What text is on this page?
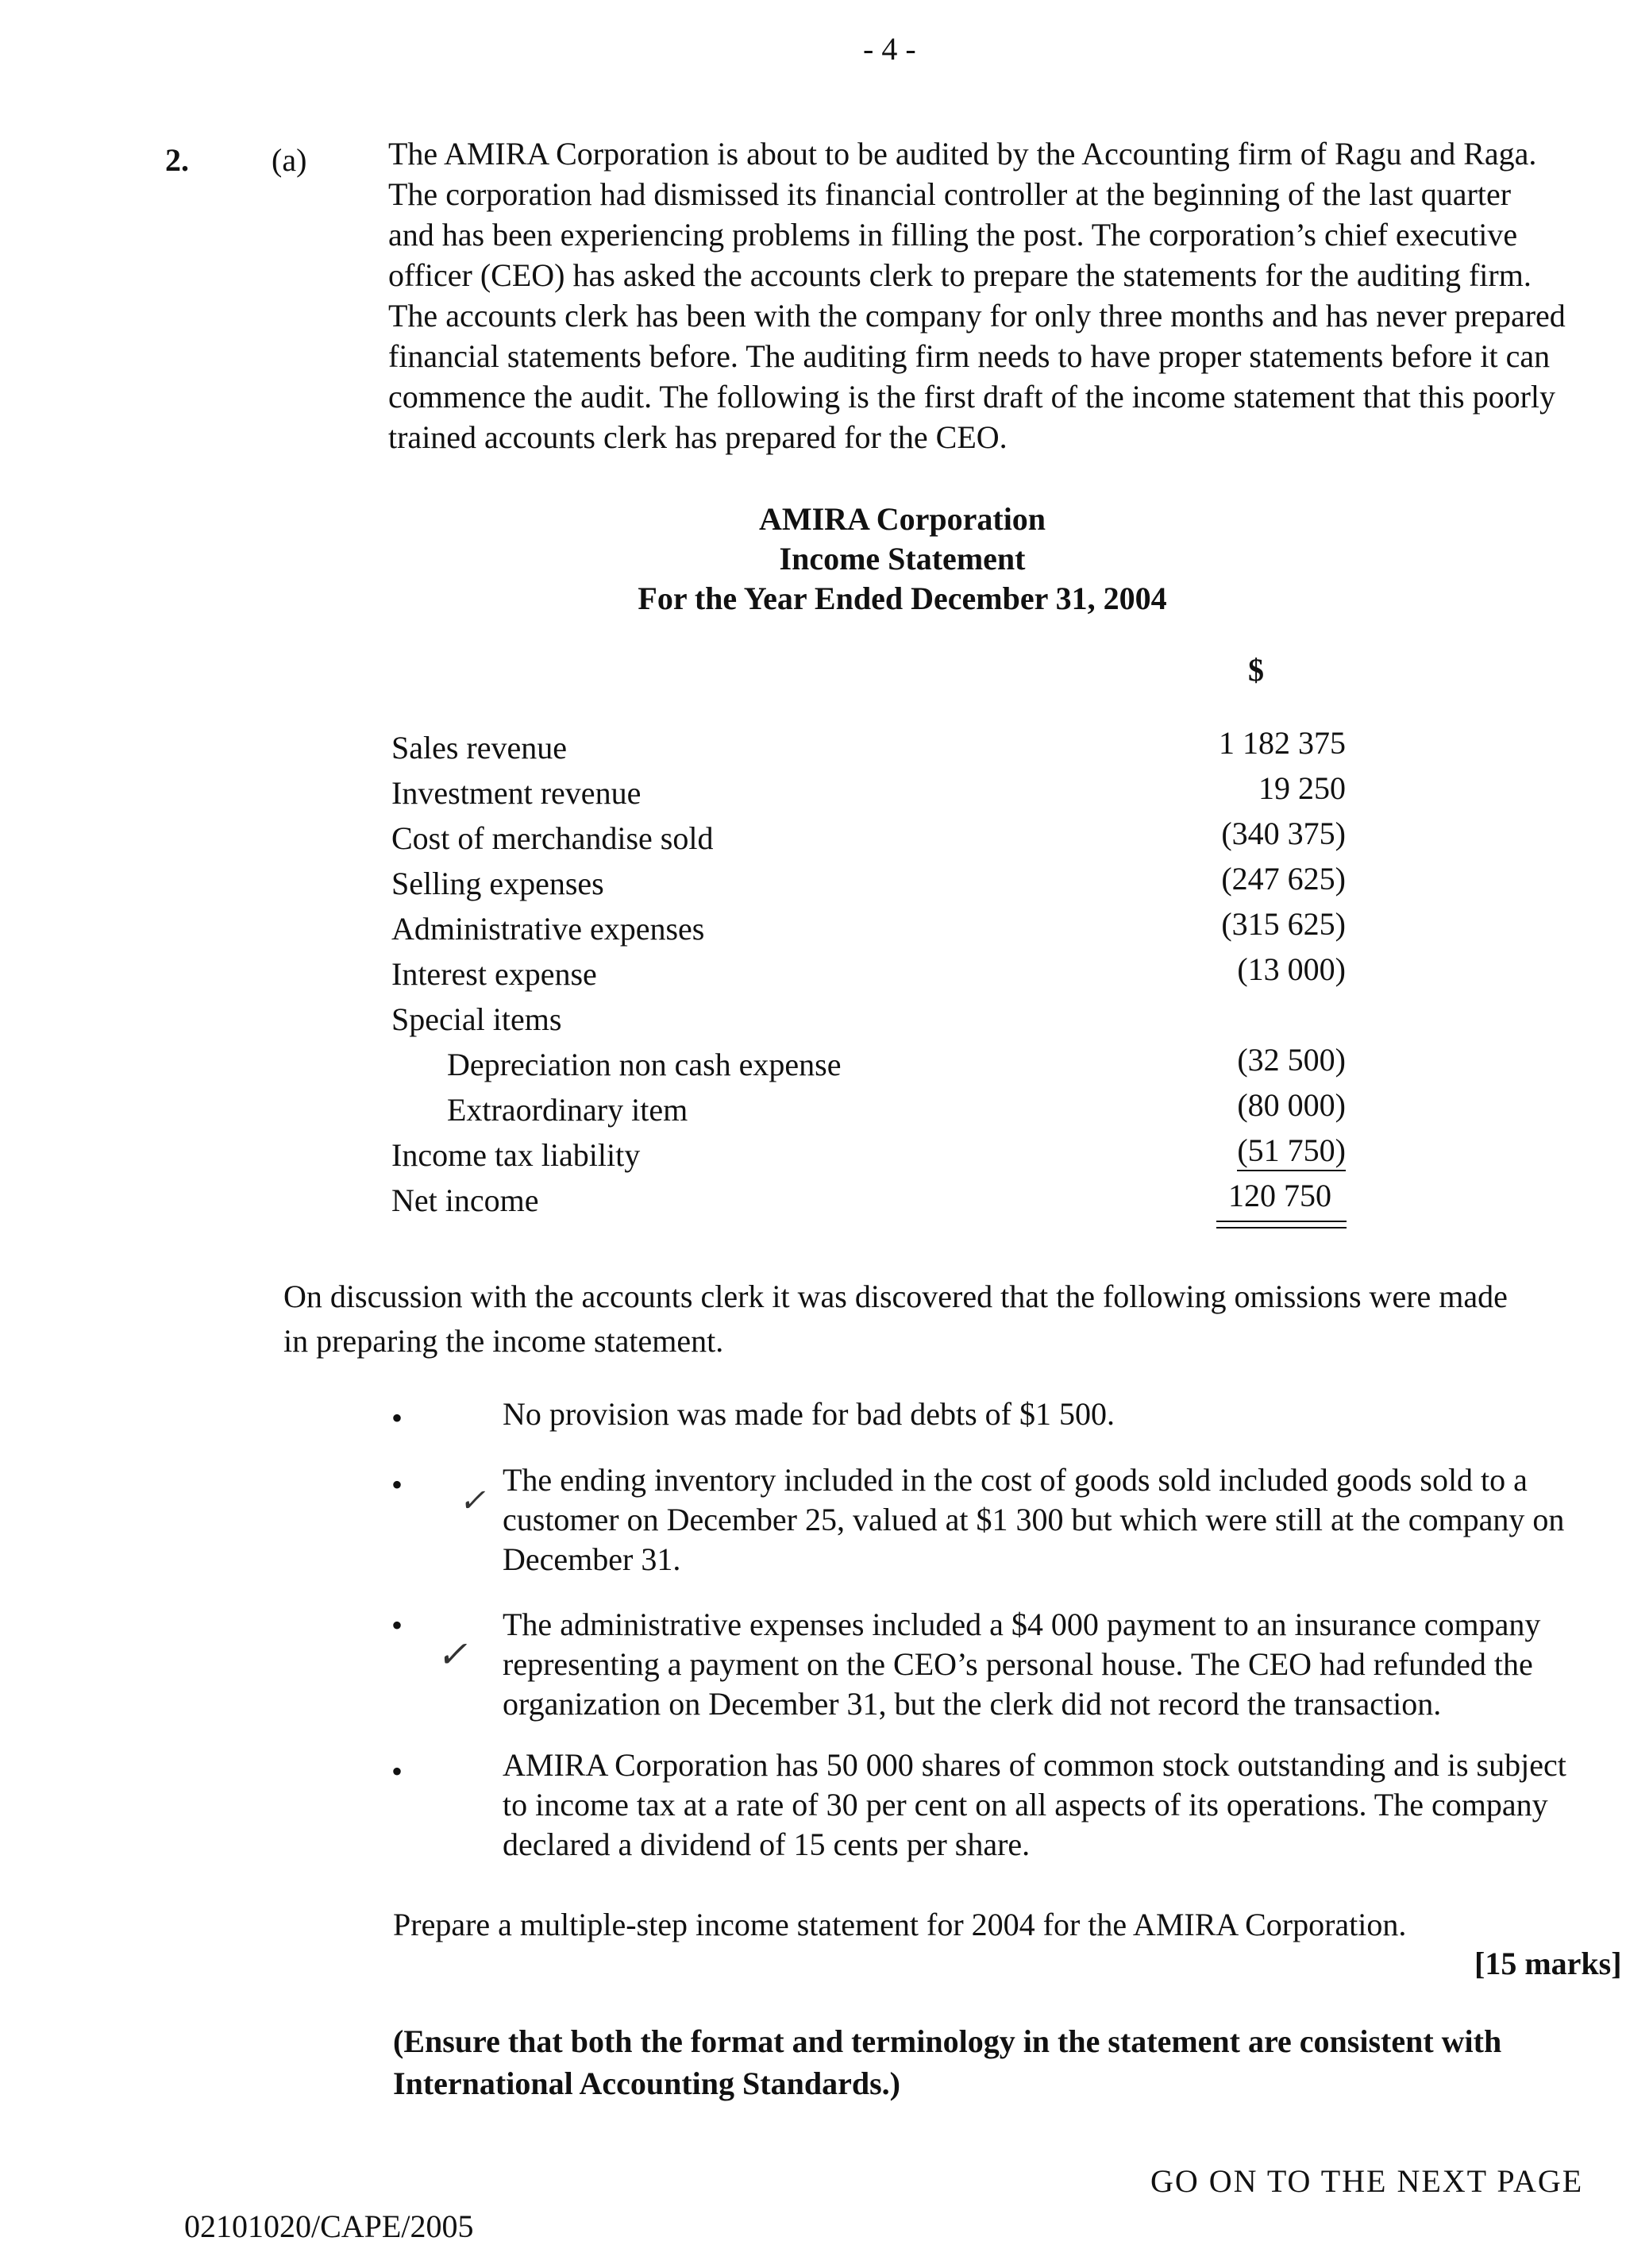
- 4 -
2.	(a)	The AMIRA Corporation is about to be audited by the Accounting firm of Ragu and Raga.
The corporation had dismissed its financial controller at the beginning of the last quarter
and has been experiencing problems in filling the post. The corporation’s chief executive
officer (CEO) has asked the accounts clerk to prepare the statements for the auditing firm.
The accounts clerk has been with the company for only three months and has never prepared
financial statements before. The auditing firm needs to have proper statements before it can
commence the audit. The following is the first draft of the income statement that this poorly
trained accounts clerk has prepared for the CEO.
AMIRA Corporation
Income Statement
For the Year Ended December 31, 2004
$
Sales revenue	1 182 375
Investment revenue	19 250
Cost of merchandise sold	(340 375)
Selling expenses	(247 625)
Administrative expenses	(315 625)
Interest expense	(13 000)
Special items
Depreciation non cash expense	(32 500)
Extraordinary item	(80 000)
Income tax liability	(51 750)
Net income	120 750
On discussion with the accounts clerk it was discovered that the following omissions were made
in preparing the income statement.
•	No provision was made for bad debts of $1 500.
• ✓
The ending inventory included in the cost of goods sold included goods sold to a
customer on December 25, valued at $1 300 but which were still at the company on
December 31.
•
✓
The administrative expenses included a $4 000 payment to an insurance company
representing a payment on the CEO’s personal house. The CEO had refunded the
organization on December 31, but the clerk did not record the transaction.
•	AMIRA Corporation has 50 000 shares of common stock outstanding and is subject
to income tax at a rate of 30 per cent on all aspects of its operations. The company
declared a dividend of 15 cents per share.
Prepare a multiple-step income statement for 2004 for the AMIRA Corporation.
[15 marks]
(Ensure that both the format and terminology in the statement are consistent with
International Accounting Standards.)
GO ON TO THE NEXT PAGE
02101020/CAPE/2005
